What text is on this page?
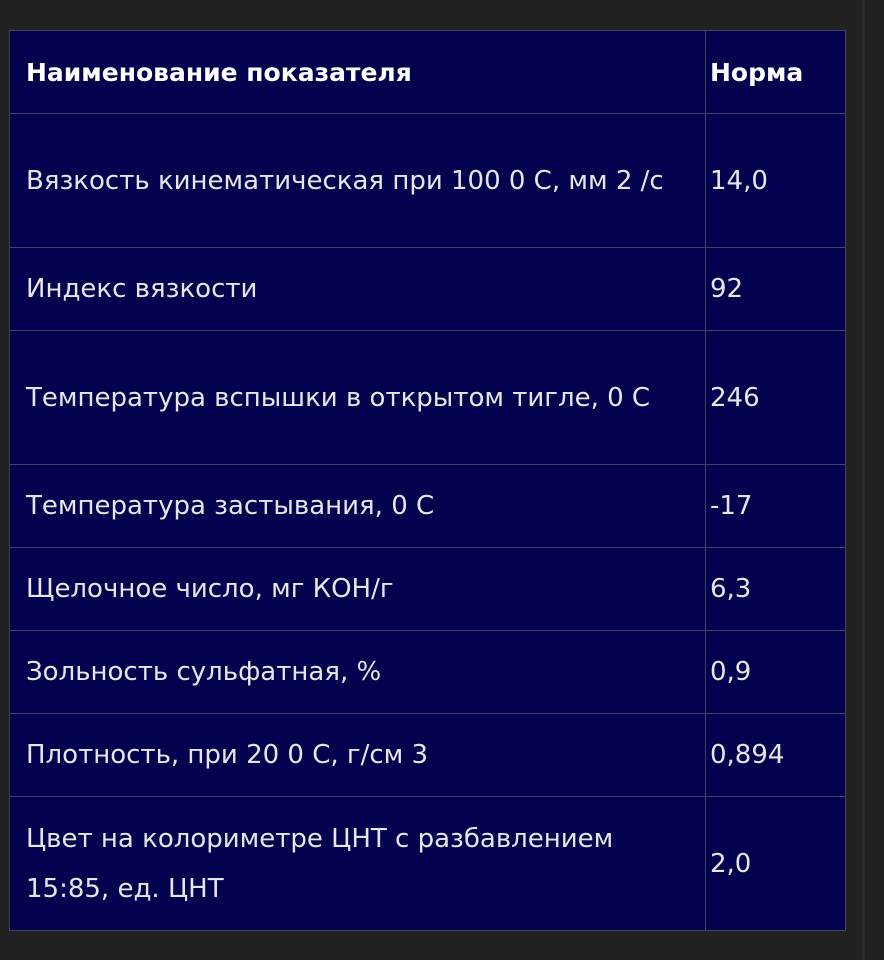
Наименование показателя	Норма
Вязкость кинематическая при 100 0 С, мм 2 /с	14,0
Индекс вязкости	92
Температура вспышки в открытом тигле, 0 С	246
Температура застывания, 0 С	-17
Щелочное число, мг КОН/г	6,3
Зольность сульфатная, %	0,9
Плотность, при 20 0 С, г/см 3	0,894
Цвет на колориметре ЦНТ с разбавлением 15:85, ед. ЦНТ	2,0
